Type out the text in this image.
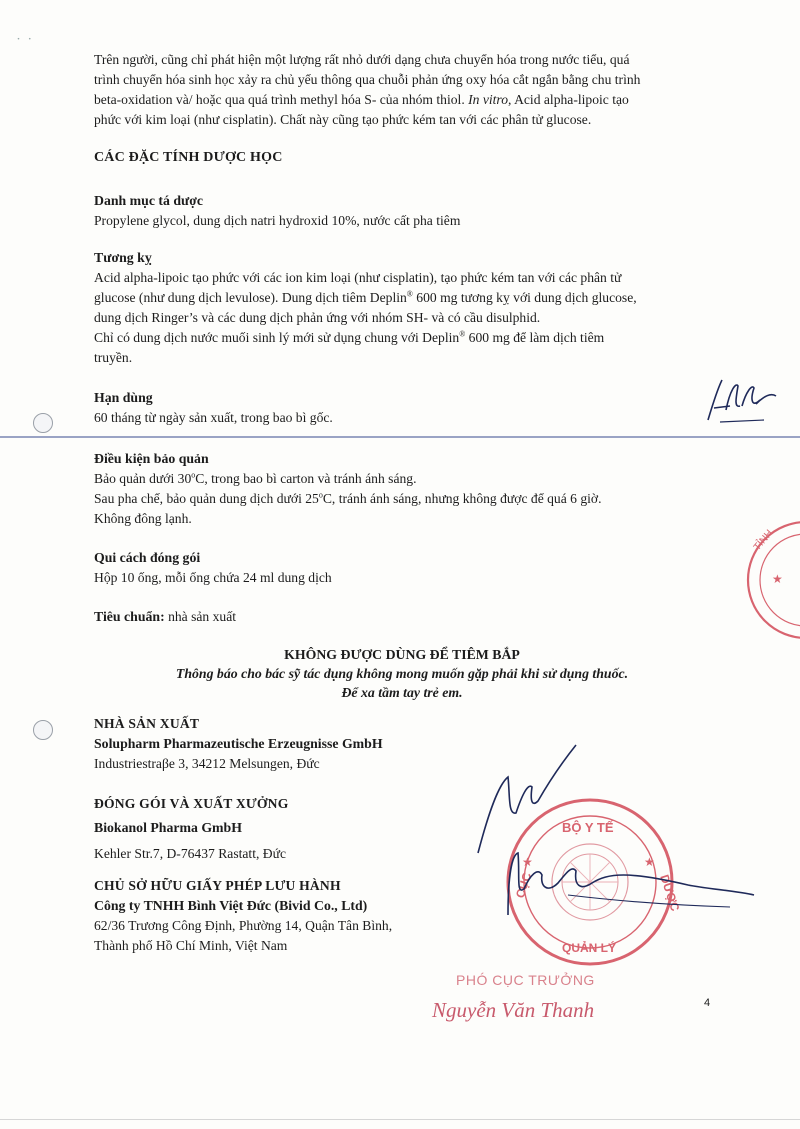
・ ・
Trên người, cũng chỉ phát hiện một lượng rất nhỏ dưới dạng chưa chuyển hóa trong nước tiểu, quá
trình chuyển hóa sinh học xảy ra chủ yếu thông qua chuỗi phản ứng oxy hóa cắt ngắn bằng chu trình
beta-oxidation và/ hoặc qua quá trình methyl hóa S- của nhóm thiol. In vitro, Acid alpha-lipoic tạo
phức với kim loại (như cisplatin). Chất này cũng tạo phức kém tan với các phân tử glucose.
CÁC ĐẶC TÍNH DƯỢC HỌC
Danh mục tá dược
Propylene glycol, dung dịch natri hydroxid 10%, nước cất pha tiêm
Tương kỵ
Acid alpha-lipoic tạo phức với các ion kim loại (như cisplatin), tạo phức kém tan với các phân tử
glucose (như dung dịch levulose). Dung dịch tiêm Deplin® 600 mg tương kỵ với dung dịch glucose,
dung dịch Ringer’s và các dung dịch phản ứng với nhóm SH- và có cầu disulphid.
Chỉ có dung dịch nước muối sinh lý mới sử dụng chung với Deplin® 600 mg để làm dịch tiêm
truyền.
Hạn dùng
60 tháng từ ngày sản xuất, trong bao bì gốc.
Điều kiện bảo quản
Bảo quản dưới 30$^o$C, trong bao bì carton và tránh ánh sáng.
Sau pha chế, bảo quản dung dịch dưới 25$^o$C, tránh ánh sáng, nhưng không được để quá 6 giờ.
Không đông lạnh.
Qui cách đóng gói
Hộp 10 ống, mỗi ống chứa 24 ml dung dịch
Tiêu chuẩn: nhà sản xuất
KHÔNG ĐƯỢC DÙNG ĐỂ TIÊM BẮP
Thông báo cho bác sỹ tác dụng không mong muốn gặp phải khi sử dụng thuốc.
Để xa tầm tay trẻ em.
NHÀ SẢN XUẤT
Solupharm Pharmazeutische Erzeugnisse GmbH
Industriestraβe 3, 34212 Melsungen, Đức
ĐÓNG GÓI VÀ XUẤT XƯỞNG
Biokanol Pharma GmbH
Kehler Str.7, D-76437 Rastatt, Đức
CHỦ SỞ HỮU GIẤY PHÉP LƯU HÀNH
Công ty TNHH Bình Việt Đức (Bivid Co., Ltd)
62/36 Trương Công Định, Phường 14, Quận Tân Bình,
Thành phố Hồ Chí Minh, Việt Nam
TỈNH
★
BỘ Y TẾ
CỤC
QUẢN LÝ
DƯỢC
★	★
PHÓ CỤC TRƯỞNG
Nguyễn Văn Thanh	4
